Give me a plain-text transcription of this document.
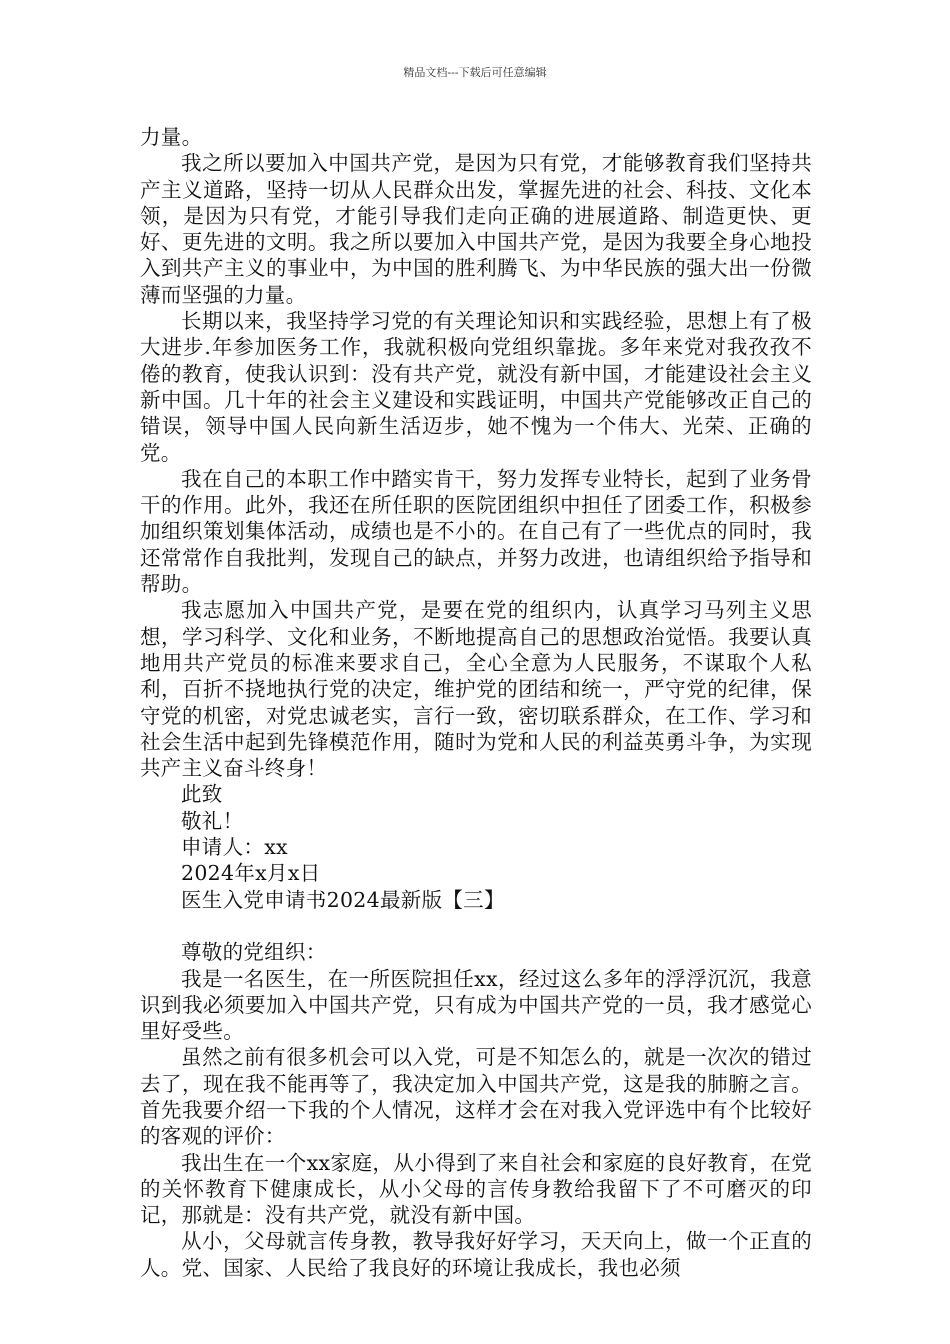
精品文档---下载后可任意编辑

力量。

我之所以要加入中国共产党，是因为只有党，才能够教育我们坚持共产主义道路，坚持一切从人民群众出发，掌握先进的社会、科技、文化本领，是因为只有党，才能引导我们走向正确的进展道路、制造更快、更好、更先进的文明。我之所以要加入中国共产党，是因为我要全身心地投入到共产主义的事业中，为中国的胜利腾飞、为中华民族的强大出一份微薄而坚强的力量。

长期以来，我坚持学习党的有关理论知识和实践经验，思想上有了极大进步.年参加医务工作，我就积极向党组织靠拢。多年来党对我孜孜不倦的教育，使我认识到：没有共产党，就没有新中国，才能建设社会主义新中国。几十年的社会主义建设和实践证明，中国共产党能够改正自己的错误，领导中国人民向新生活迈步，她不愧为一个伟大、光荣、正确的党。

我在自己的本职工作中踏实肯干，努力发挥专业特长，起到了业务骨干的作用。此外，我还在所任职的医院团组织中担任了团委工作，积极参加组织策划集体活动，成绩也是不小的。在自己有了一些优点的同时，我还常常作自我批判，发现自己的缺点，并努力改进，也请组织给予指导和帮助。

我志愿加入中国共产党，是要在党的组织内，认真学习马列主义思想，学习科学、文化和业务，不断地提高自己的思想政治觉悟。我要认真地用共产党员的标准来要求自己，全心全意为人民服务，不谋取个人私利，百折不挠地执行党的决定，维护党的团结和统一，严守党的纪律，保守党的机密，对党忠诚老实，言行一致，密切联系群众，在工作、学习和社会生活中起到先锋模范作用，随时为党和人民的利益英勇斗争，为实现共产主义奋斗终身！

此致

敬礼！

申请人：xx

2024年x月x日

医生入党申请书2024最新版【三】

尊敬的党组织：

我是一名医生，在一所医院担任xx，经过这么多年的浮浮沉沉，我意识到我必须要加入中国共产党，只有成为中国共产党的一员，我才感觉心里好受些。

虽然之前有很多机会可以入党，可是不知怎么的，就是一次次的错过去了，现在我不能再等了，我决定加入中国共产党，这是我的肺腑之言。首先我要介绍一下我的个人情况，这样才会在对我入党评选中有个比较好的客观的评价：

我出生在一个xx家庭，从小得到了来自社会和家庭的良好教育，在党的关怀教育下健康成长，从小父母的言传身教给我留下了不可磨灭的印记，那就是：没有共产党，就没有新中国。

从小，父母就言传身教，教导我好好学习，天天向上，做一个正直的人。党、国家、人民给了我良好的环境让我成长，我也必须
